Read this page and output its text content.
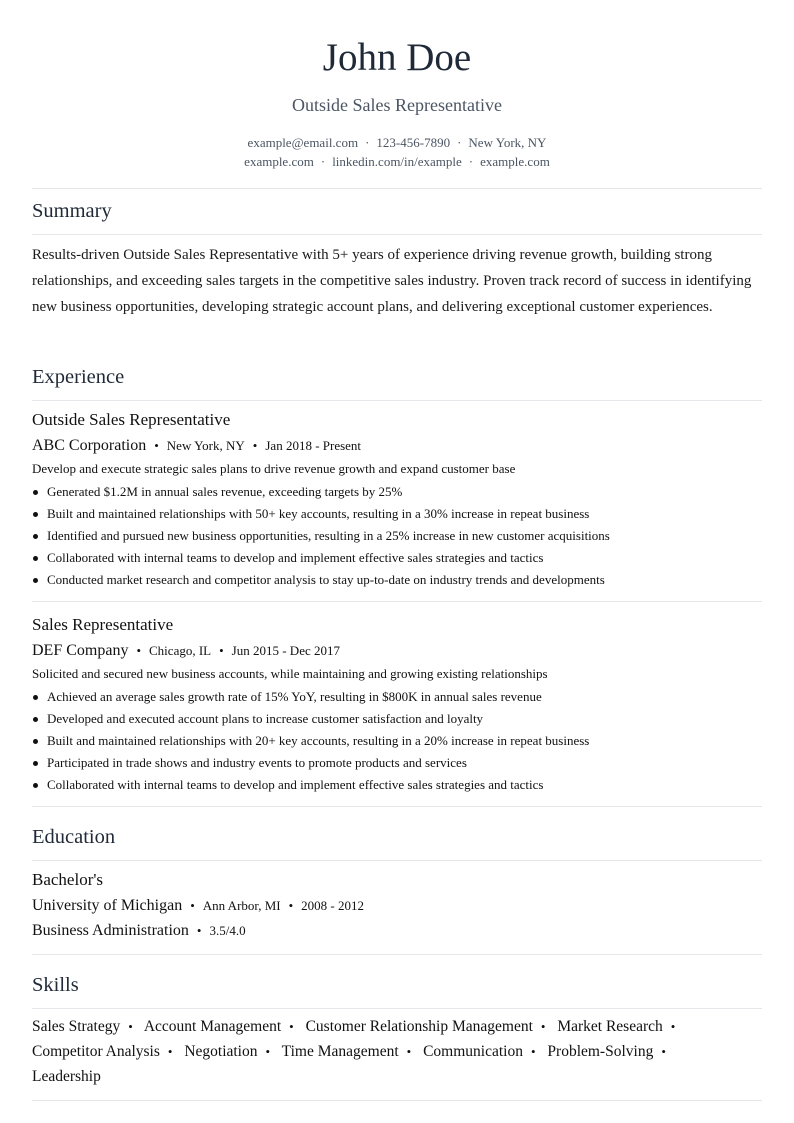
John Doe
Outside Sales Representative
example@email.com · 123-456-7890 · New York, NY
example.com · linkedin.com/in/example · example.com
Summary
Results-driven Outside Sales Representative with 5+ years of experience driving revenue growth, building strong relationships, and exceeding sales targets in the competitive sales industry. Proven track record of success in identifying new business opportunities, developing strategic account plans, and delivering exceptional customer experiences.
Experience
Outside Sales Representative
ABC Corporation • New York, NY • Jan 2018 - Present
Develop and execute strategic sales plans to drive revenue growth and expand customer base
Generated $1.2M in annual sales revenue, exceeding targets by 25%
Built and maintained relationships with 50+ key accounts, resulting in a 30% increase in repeat business
Identified and pursued new business opportunities, resulting in a 25% increase in new customer acquisitions
Collaborated with internal teams to develop and implement effective sales strategies and tactics
Conducted market research and competitor analysis to stay up-to-date on industry trends and developments
Sales Representative
DEF Company • Chicago, IL • Jun 2015 - Dec 2017
Solicited and secured new business accounts, while maintaining and growing existing relationships
Achieved an average sales growth rate of 15% YoY, resulting in $800K in annual sales revenue
Developed and executed account plans to increase customer satisfaction and loyalty
Built and maintained relationships with 20+ key accounts, resulting in a 20% increase in repeat business
Participated in trade shows and industry events to promote products and services
Collaborated with internal teams to develop and implement effective sales strategies and tactics
Education
Bachelor's
University of Michigan • Ann Arbor, MI • 2008 - 2012
Business Administration • 3.5/4.0
Skills
Sales Strategy • Account Management • Customer Relationship Management • Market Research • Competitor Analysis • Negotiation • Time Management • Communication • Problem-Solving • Leadership
